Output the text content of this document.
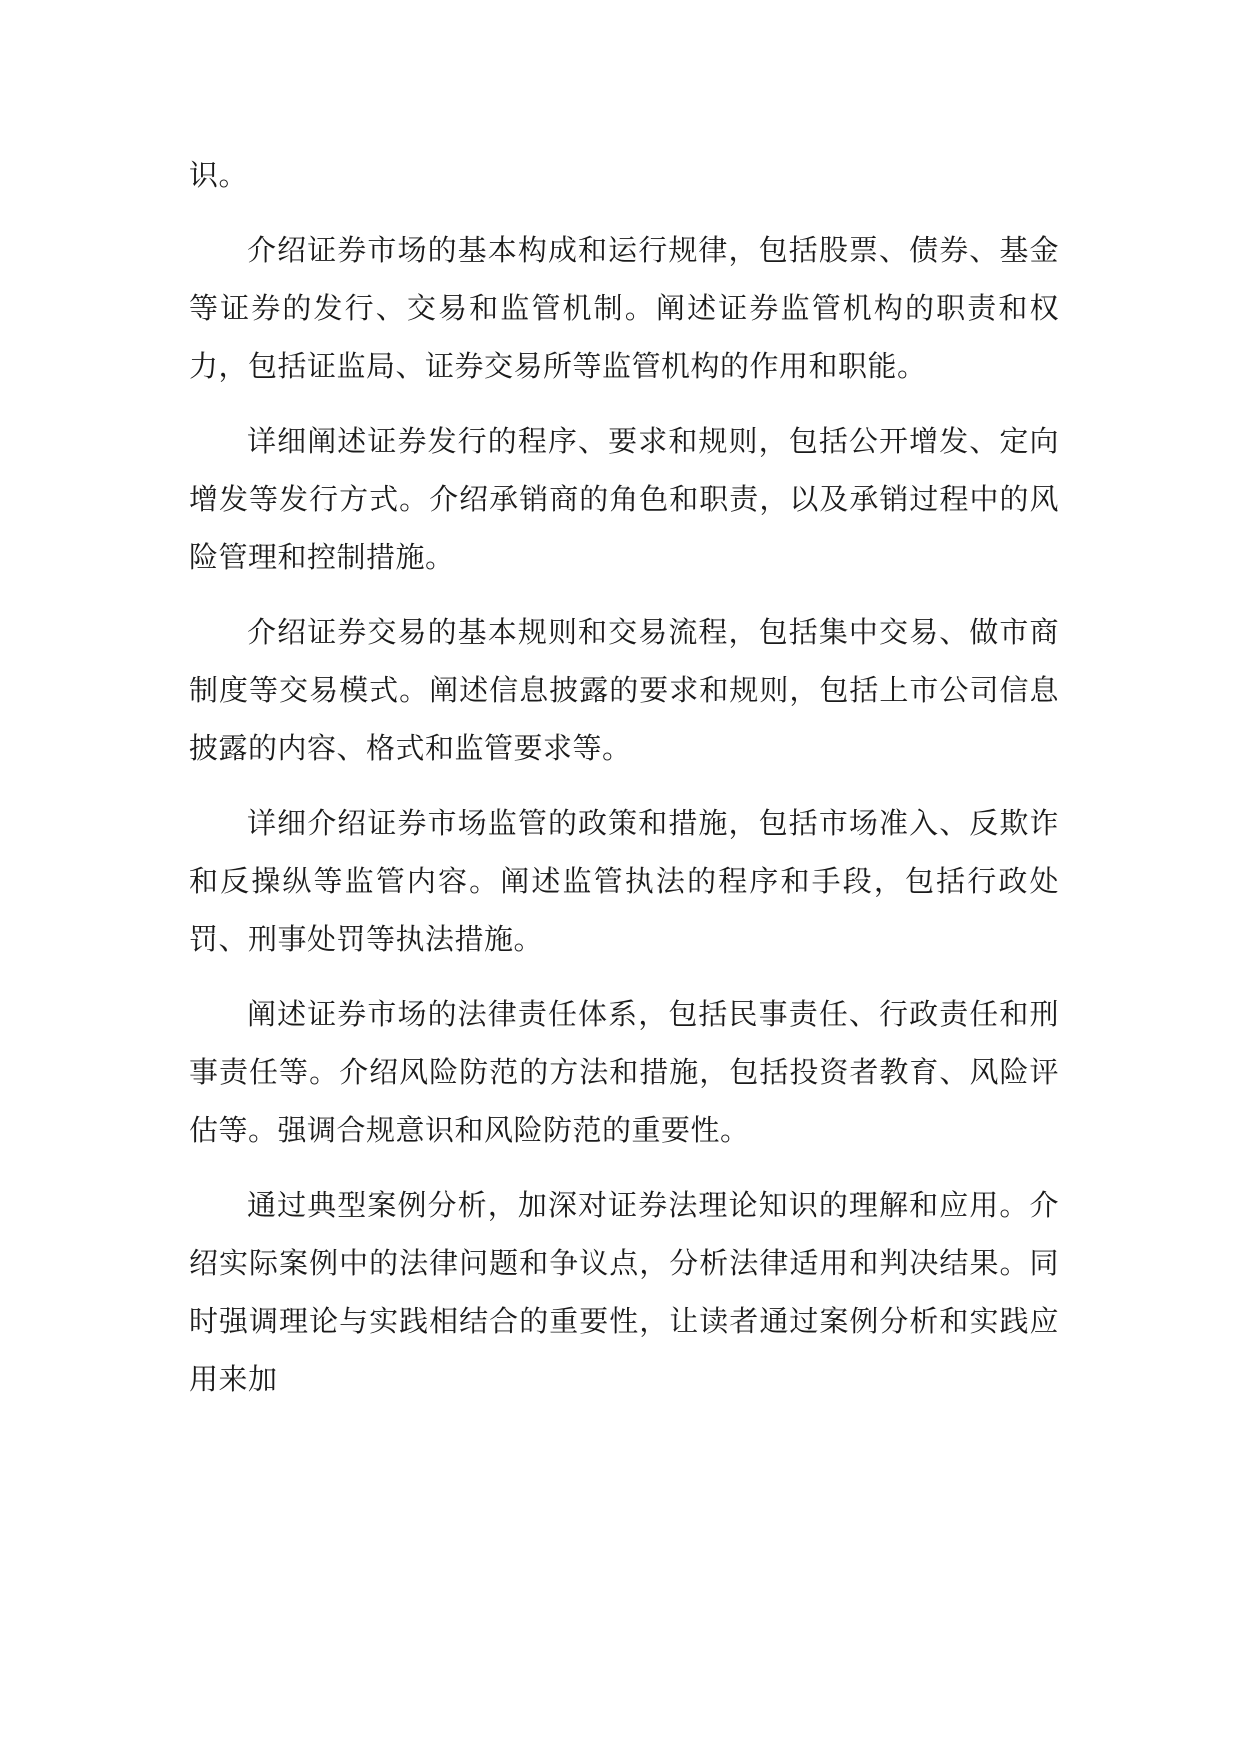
识。

介绍证券市场的基本构成和运行规律，包括股票、债券、基金等证券的发行、交易和监管机制。阐述证券监管机构的职责和权力，包括证监局、证券交易所等监管机构的作用和职能。

详细阐述证券发行的程序、要求和规则，包括公开增发、定向增发等发行方式。介绍承销商的角色和职责，以及承销过程中的风险管理和控制措施。

介绍证券交易的基本规则和交易流程，包括集中交易、做市商制度等交易模式。阐述信息披露的要求和规则，包括上市公司信息披露的内容、格式和监管要求等。

详细介绍证券市场监管的政策和措施，包括市场准入、反欺诈和反操纵等监管内容。阐述监管执法的程序和手段，包括行政处罚、刑事处罚等执法措施。

阐述证券市场的法律责任体系，包括民事责任、行政责任和刑事责任等。介绍风险防范的方法和措施，包括投资者教育、风险评估等。强调合规意识和风险防范的重要性。

通过典型案例分析，加深对证券法理论知识的理解和应用。介绍实际案例中的法律问题和争议点，分析法律适用和判决结果。同时强调理论与实践相结合的重要性，让读者通过案例分析和实践应用来加
